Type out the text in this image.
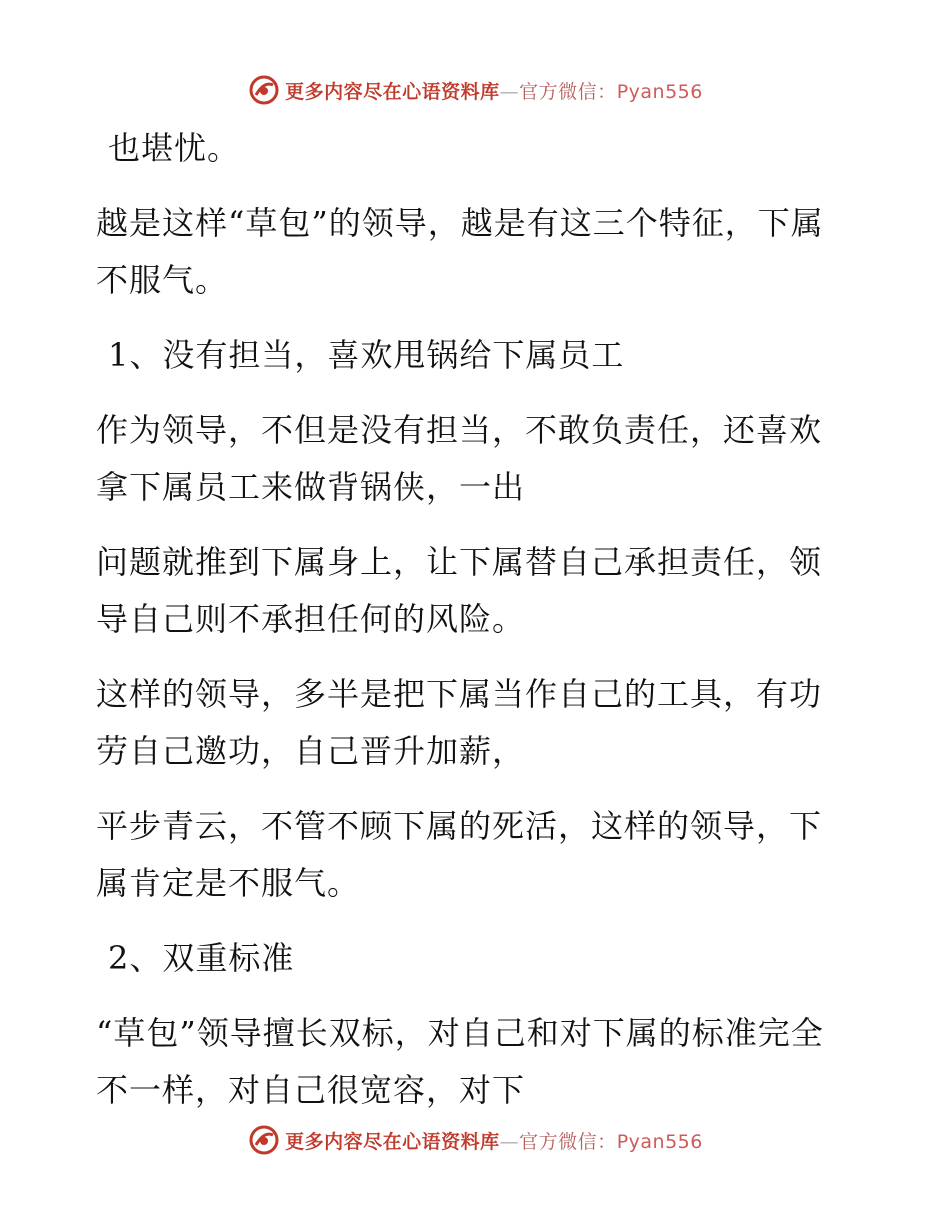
更多内容尽在心语资料库—官方微信：Pyan556

也堪忧。

越是这样“草包”的领导，越是有这三个特征，下属不服气。

1、没有担当，喜欢甩锅给下属员工

作为领导，不但是没有担当，不敢负责任，还喜欢拿下属员工来做背锅侠，一出

问题就推到下属身上，让下属替自己承担责任，领导自己则不承担任何的风险。

这样的领导，多半是把下属当作自己的工具，有功劳自己邀功，自己晋升加薪，

平步青云，不管不顾下属的死活，这样的领导，下属肯定是不服气。

2、双重标准

“草包”领导擅长双标，对自己和对下属的标准完全不一样，对自己很宽容，对下

更多内容尽在心语资料库—官方微信：Pyan556
